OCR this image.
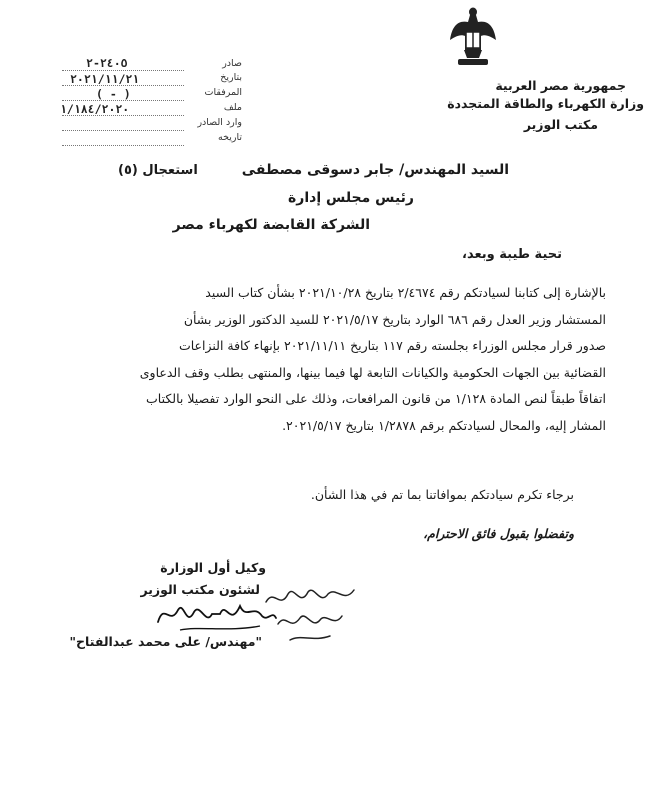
جمهورية مصر العربية
وزارة الكهرباء والطاقة المتجددة
مكتب الوزير
صادر
٢٤٠٥-٢
بتاريخ
٢٠٢١/١١/٢١
المرفقات
( - )
ملف
١/١٨٤/٢٠٢٠
وارد الصادر
تاريخه
استعجال (٥)	السيد المهندس/ جابر دسوقى مصطفى
رئيس مجلس إدارة
الشركة القابضة لكهرباء مصر
تحية طيبة وبعد،

بالإشارة إلى كتابنا لسيادتكم رقم ٢/٤٦٧٤ بتاريخ ٢٠٢١/١٠/٢٨ بشأن كتاب السيد

المستشار وزير العدل رقم ٦٨٦ الوارد بتاريخ ٢٠٢١/٥/١٧ للسيد الدكتور الوزير بشأن

صدور قرار مجلس الوزراء بجلسته رقم ١١٧ بتاريخ ٢٠٢١/١١/١١ بإنهاء كافة النزاعات

القضائية بين الجهات الحكومية والكيانات التابعة لها فيما بينها، والمنتهى بطلب وقف الدعاوى

اتفاقاً طبقاً لنص المادة ١/١٢٨ من قانون المرافعات، وذلك على النحو الوارد تفصيلا بالكتاب

المشار إليه، والمحال لسيادتكم برقم ١/٢٨٧٨ بتاريخ ٢٠٢١/٥/١٧.

برجاء تكرم سيادتكم بموافاتنا بما تم في هذا الشأن.
وتفضلوا بقبول فائق الاحترام،
وكيل أول الوزارة
لشئون مكتب الوزير
"مهندس/ على محمد عبدالفتاح"
